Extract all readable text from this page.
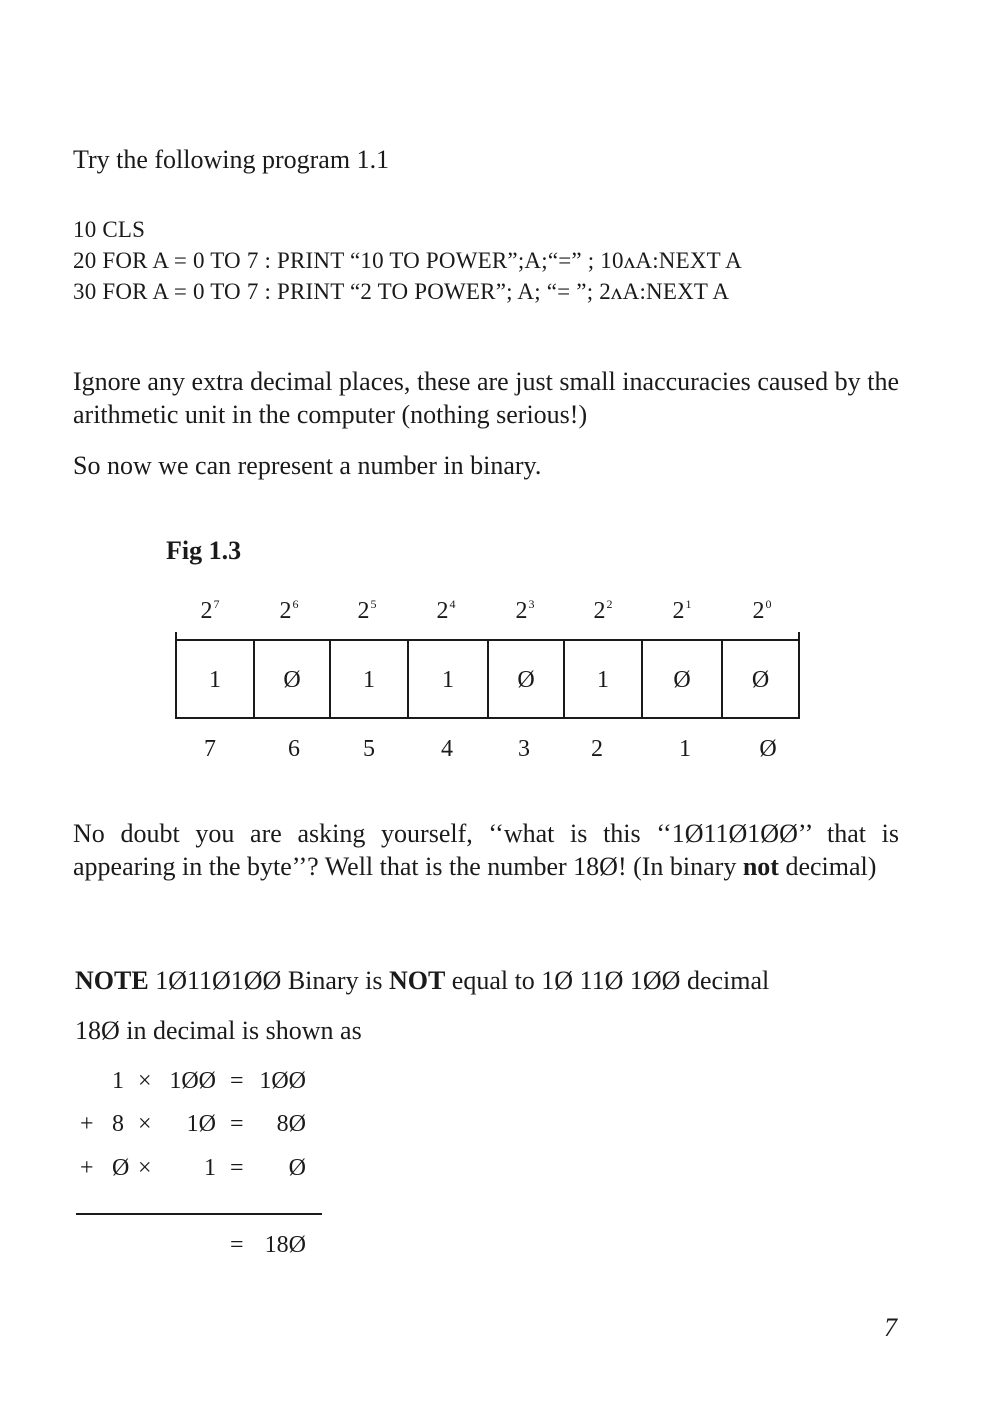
Try the following program 1.1
10 CLS
20 FOR A = 0 TO 7 : PRINT “10 TO POWER”;A;“=” ; 10ʌA:NEXT A
30 FOR A = 0 TO 7 : PRINT “2 TO POWER”; A; “= ”; 2ʌA:NEXT A
Ignore any extra decimal places, these are just small inaccuracies caused by the arithmetic unit in the computer (nothing serious!)
So now we can represent a number in binary.
Fig 1.3
$2^7$	$2^6$ $2^5$	$2^4$	$2^3$ $2^2$	$2^1$	$2^0$
1	Ø	1	1	Ø	1	Ø	Ø
7	6	5	4	3	2	1	Ø
No doubt you are asking yourself, ‘‘what is this ‘‘1Ø11Ø1ØØ’’ that is appearing in the byte’’? Well that is the number 18Ø! (In binary not decimal)
NOTE 1Ø11Ø1ØØ Binary is NOT equal to 1Ø 11Ø 1ØØ decimal
18Ø in decimal is shown as
1 × 1ØØ = 1ØØ
+ 8 ×	1Ø =	8Ø
+ Ø ×	1 =	Ø
= 18Ø
7
